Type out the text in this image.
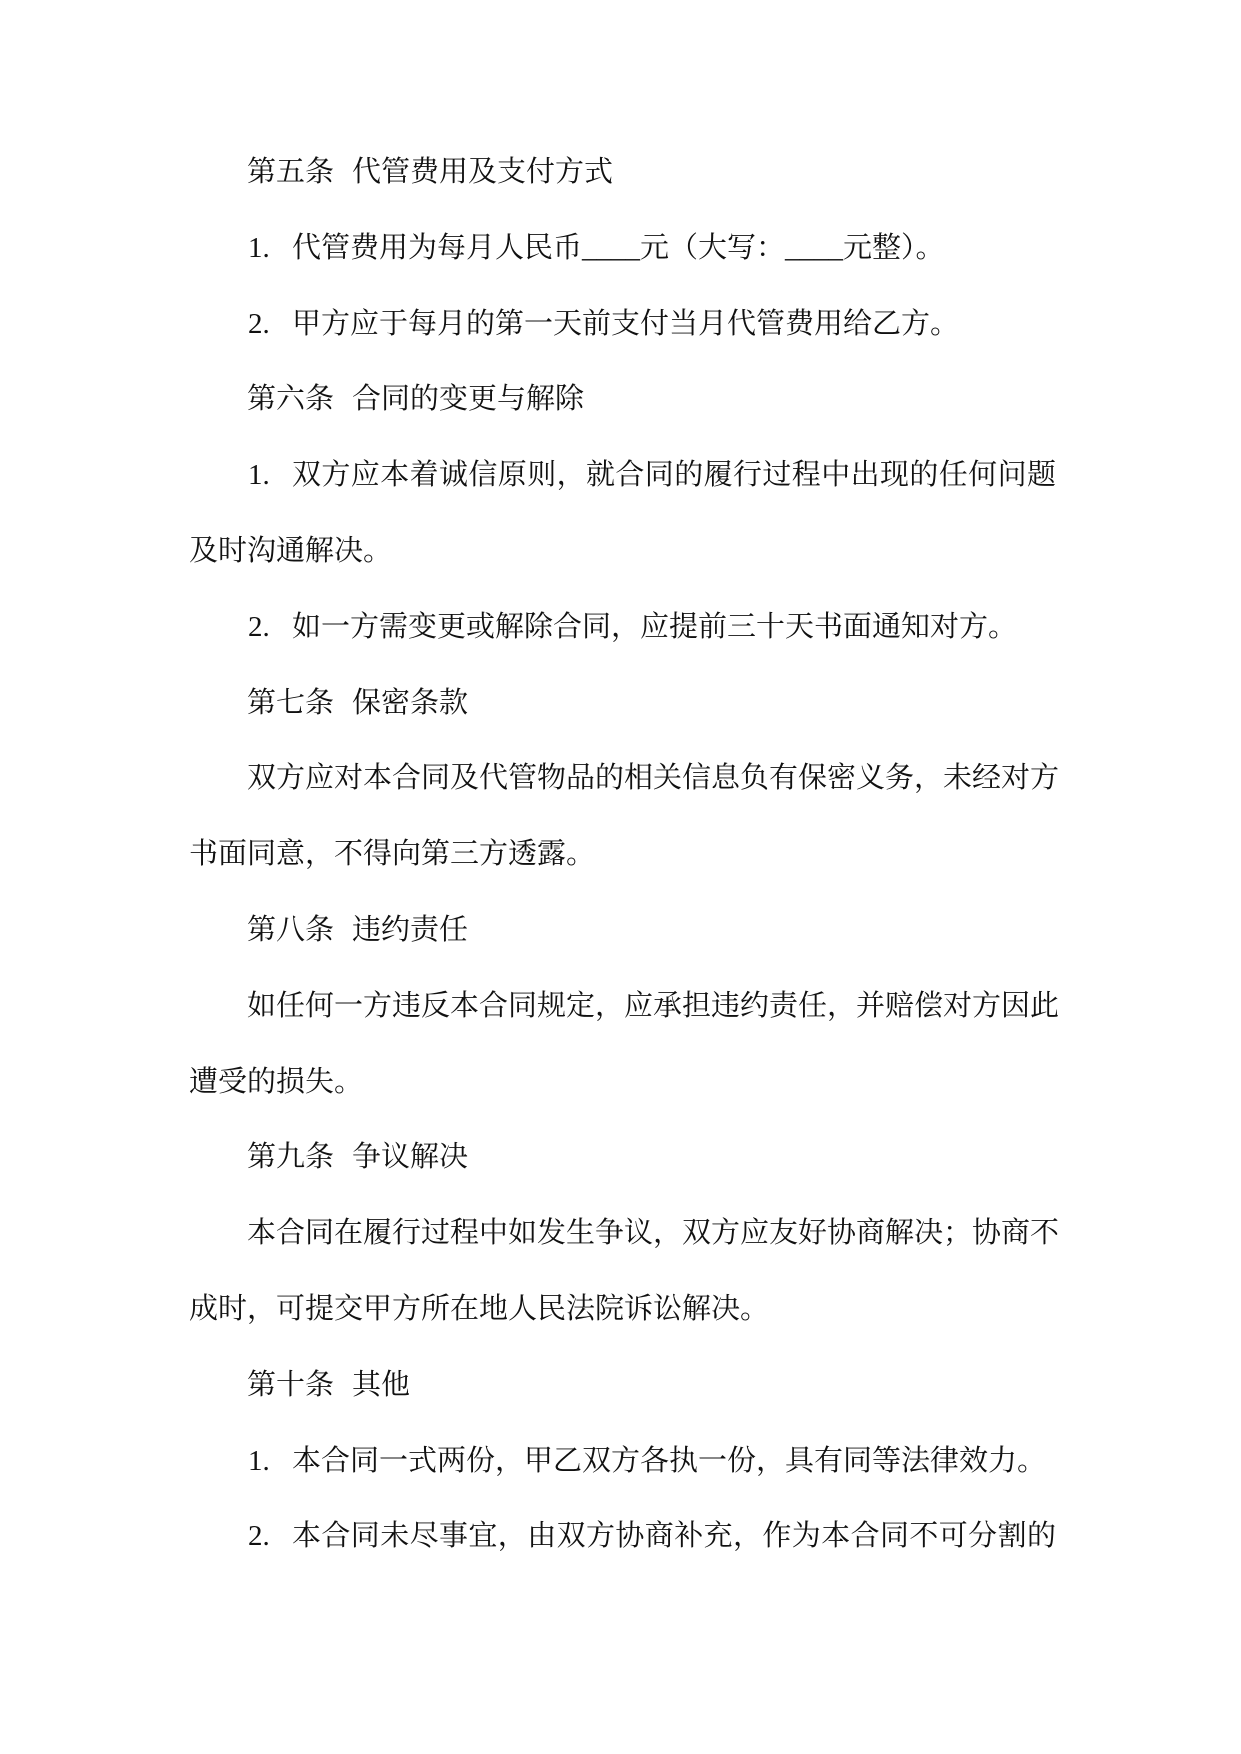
第五条 代管费用及支付方式
1. 代管费用为每月人民币____元（大写：____元整）。
2. 甲方应于每月的第一天前支付当月代管费用给乙方。
第六条 合同的变更与解除
1. 双方应本着诚信原则，就合同的履行过程中出现的任何问题
及时沟通解决。
2. 如一方需变更或解除合同，应提前三十天书面通知对方。
第七条 保密条款
双方应对本合同及代管物品的相关信息负有保密义务，未经对方
书面同意，不得向第三方透露。
第八条 违约责任
如任何一方违反本合同规定，应承担违约责任，并赔偿对方因此
遭受的损失。
第九条 争议解决
本合同在履行过程中如发生争议，双方应友好协商解决；协商不
成时，可提交甲方所在地人民法院诉讼解决。
第十条 其他
1. 本合同一式两份，甲乙双方各执一份，具有同等法律效力。
2. 本合同未尽事宜，由双方协商补充，作为本合同不可分割的
